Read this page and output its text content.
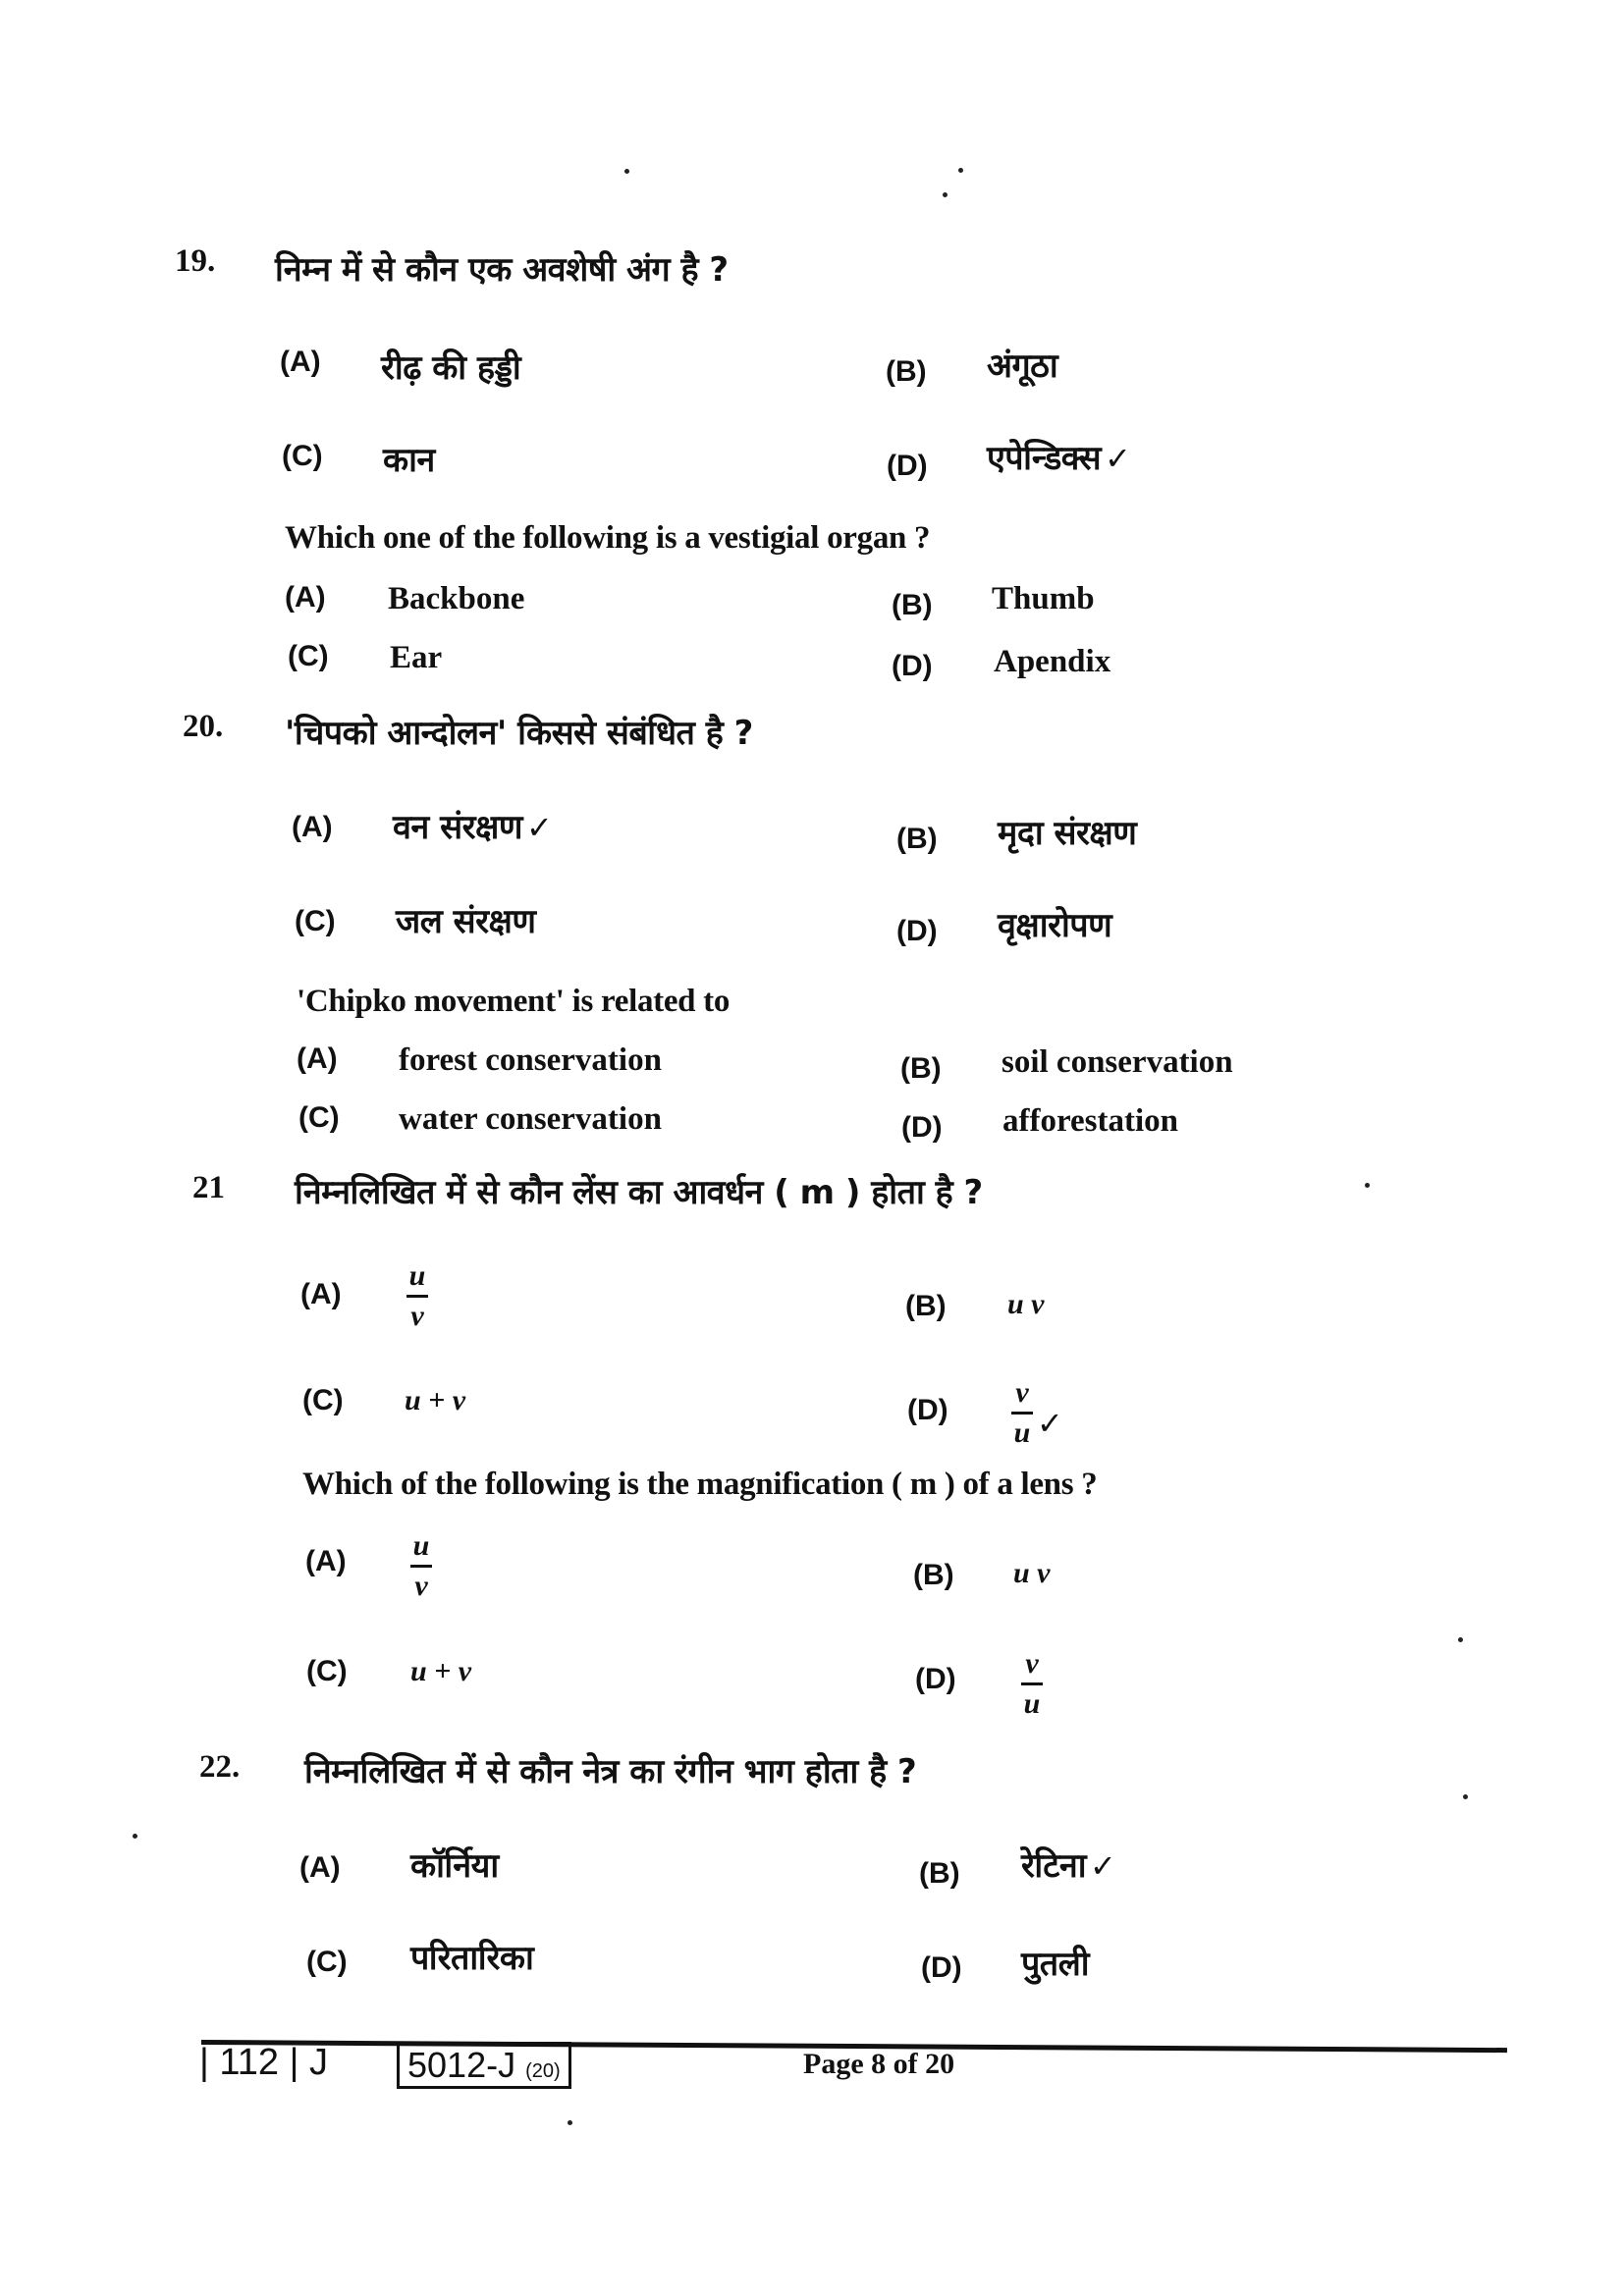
19. निम्न में से कौन एक अवशेषी अंग है ?
(A) रीढ़ की हड्डी	(B) अंगूठा
(C) कान	(D) एपेन्डिक्स ✓
Which one of the following is a vestigial organ ?
(A) Backbone	(B) Thumb
(C) Ear	(D) Apendix
20. 'चिपको आन्दोलन' किससे संबंधित है ?
(A) वन संरक्षण ✓	(B) मृदा संरक्षण
(C) जल संरक्षण	(D) वृक्षारोपण
'Chipko movement' is related to
(A) forest conservation	(B) soil conservation
(C) water conservation	(D) afforestation
21 निम्नलिखित में से कौन लेंस का आवर्धन ( m ) होता है ?
(A)
u
v	(B) u v
(C) u + v	$(D) \frac{v}{u}$ ✓
Which of the following is the magnification ( m ) of a lens ?
(A) u
v	(B) u v
(C) u + v	(D) v
u
22. निम्नलिखित में से कौन नेत्र का रंगीन भाग होता है ?
(A) कॉर्निया	(B) रेटिना ✓
(C) परितारिका	(D) पुतली
| 112 | J	5012-J (20)	Page 8 of 20
